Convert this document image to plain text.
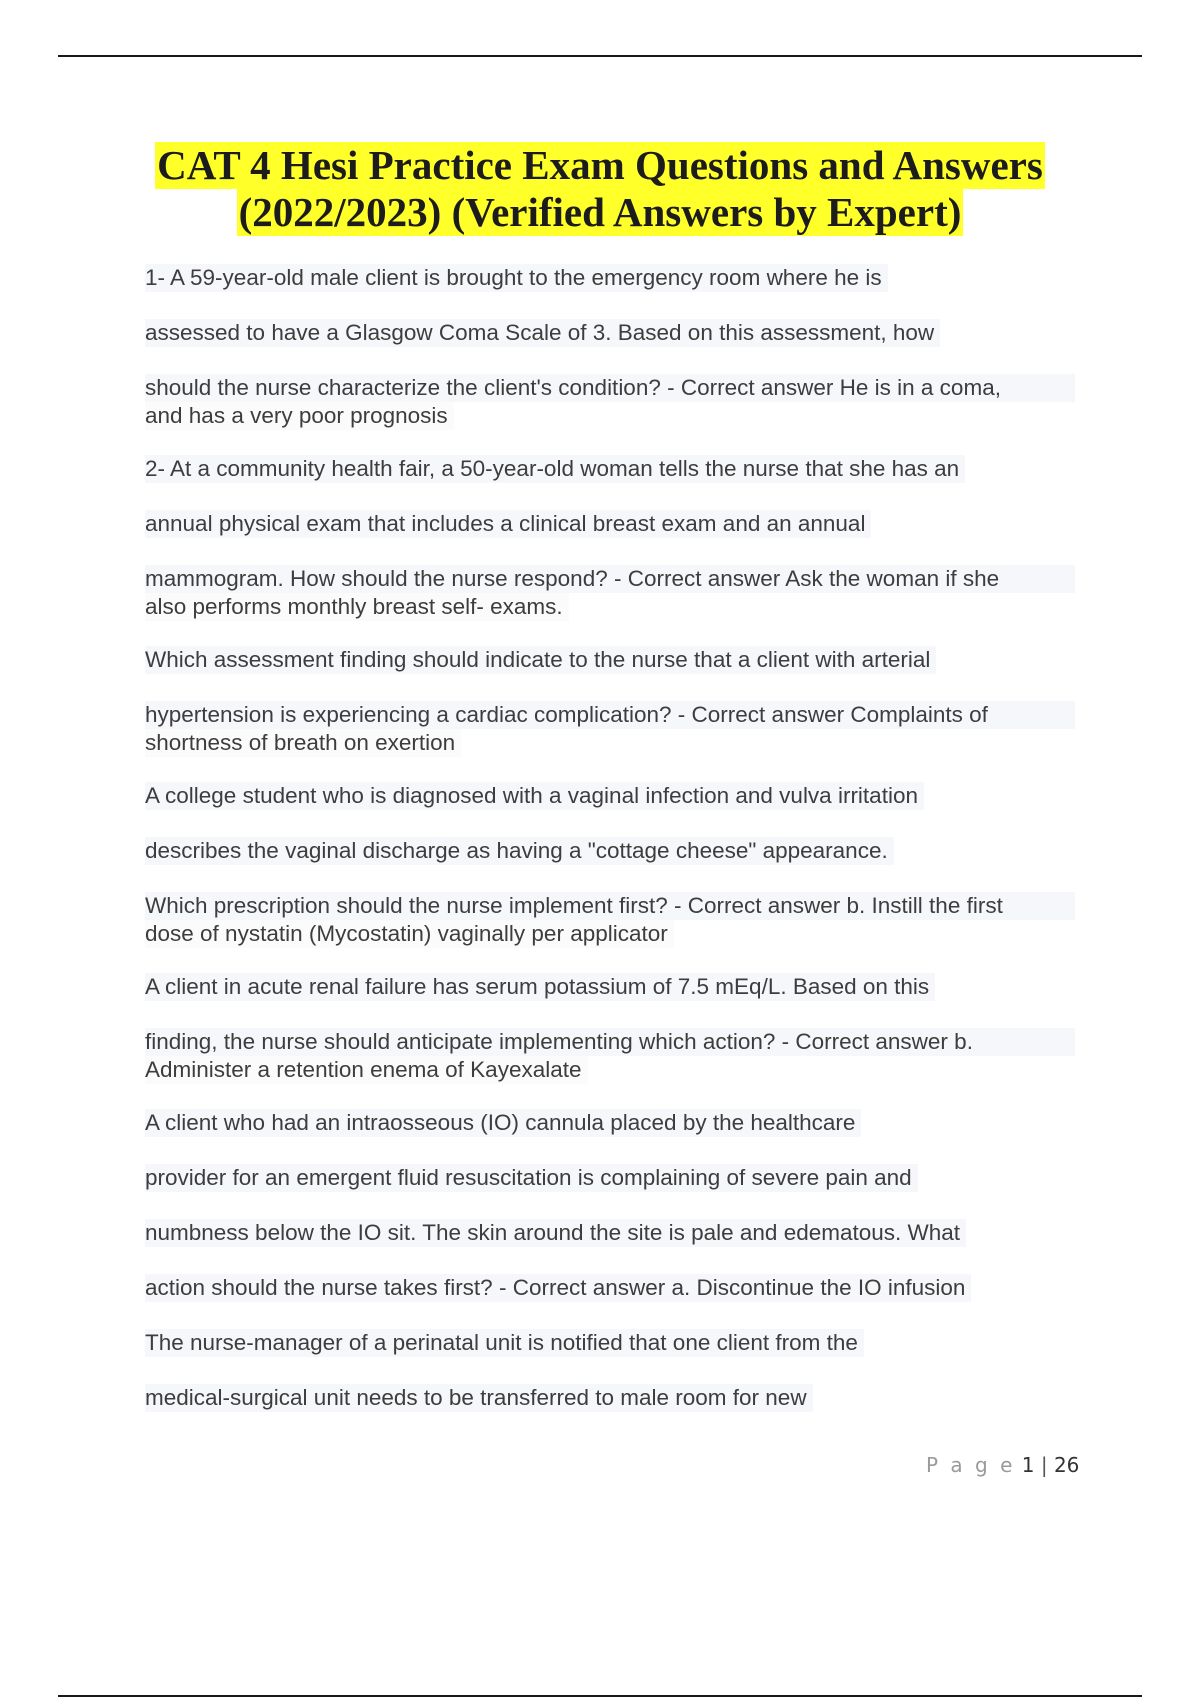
CAT 4 Hesi Practice Exam Questions and Answers
(2022/2023) (Verified Answers by Expert)
1- A 59-year-old male client is brought to the emergency room where he is
assessed to have a Glasgow Coma Scale of 3. Based on this assessment, how
should the nurse characterize the client's condition? - Correct answer He is in a coma,
and has a very poor prognosis
2- At a community health fair, a 50-year-old woman tells the nurse that she has an
annual physical exam that includes a clinical breast exam and an annual
mammogram. How should the nurse respond? - Correct answer Ask the woman if she
also performs monthly breast self- exams.
Which assessment finding should indicate to the nurse that a client with arterial
hypertension is experiencing a cardiac complication? - Correct answer Complaints of
shortness of breath on exertion
A college student who is diagnosed with a vaginal infection and vulva irritation
describes the vaginal discharge as having a "cottage cheese" appearance.
Which prescription should the nurse implement first? - Correct answer b. Instill the first
dose of nystatin (Mycostatin) vaginally per applicator
A client in acute renal failure has serum potassium of 7.5 mEq/L. Based on this
finding, the nurse should anticipate implementing which action? - Correct answer b.
Administer a retention enema of Kayexalate
A client who had an intraosseous (IO) cannula placed by the healthcare
provider for an emergent fluid resuscitation is complaining of severe pain and
numbness below the IO sit. The skin around the site is pale and edematous. What
action should the nurse takes first? - Correct answer a. Discontinue the IO infusion
The nurse-manager of a perinatal unit is notified that one client from the
medical-surgical unit needs to be transferred to male room for new
P a g e 1 | 26
